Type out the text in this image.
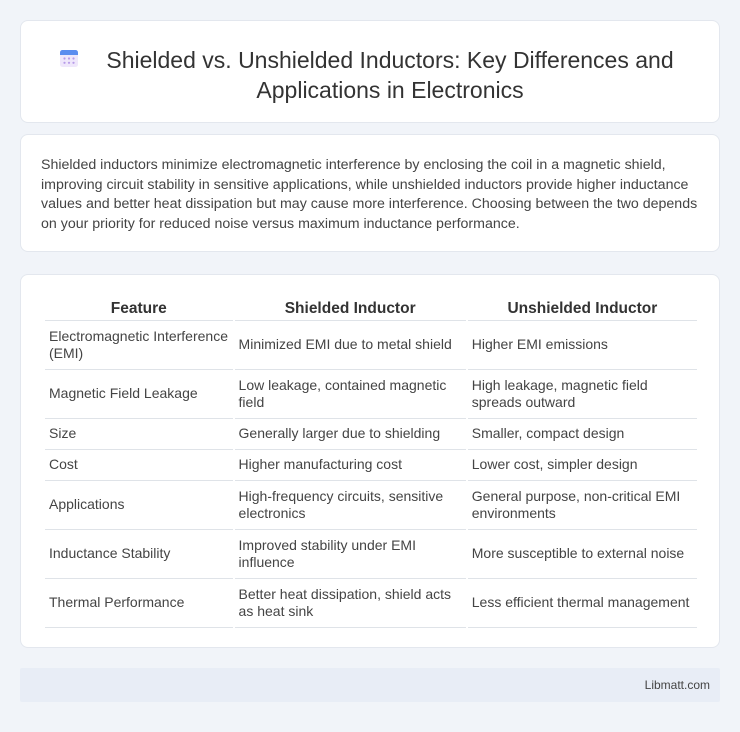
Shielded vs. Unshielded Inductors: Key Differences and Applications in Electronics

Shielded inductors minimize electromagnetic interference by enclosing the coil in a magnetic shield, improving circuit stability in sensitive applications, while unshielded inductors provide higher inductance values and better heat dissipation but may cause more interference. Choosing between the two depends on your priority for reduced noise versus maximum inductance performance.

Feature	Shielded Inductor	Unshielded Inductor
Electromagnetic Interference (EMI)	Minimized EMI due to metal shield	Higher EMI emissions
Magnetic Field Leakage	Low leakage, contained magnetic field	High leakage, magnetic field spreads outward
Size	Generally larger due to shielding	Smaller, compact design
Cost	Higher manufacturing cost	Lower cost, simpler design
Applications	High-frequency circuits, sensitive electronics	General purpose, non-critical EMI environments
Inductance Stability	Improved stability under EMI influence	More susceptible to external noise
Thermal Performance	Better heat dissipation, shield acts as heat sink	Less efficient thermal management
Libmatt.com
